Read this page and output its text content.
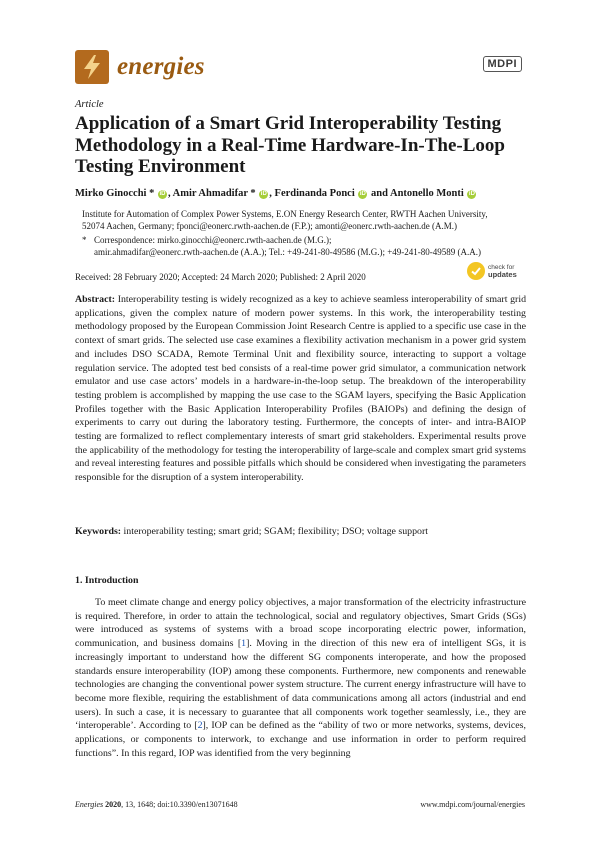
energies	MDPI
Article
Application of a Smart Grid Interoperability Testing Methodology in a Real-Time Hardware-In-The-Loop Testing Environment
Mirko Ginocchi * iD , Amir Ahmadifar * iD , Ferdinanda Ponci iD and Antonello Monti iD

Institute for Automation of Complex Power Systems, E.ON Energy Research Center, RWTH Aachen University,

52074 Aachen, Germany; fponci@eonerc.rwth-aachen.de (F.P.); amonti@eonerc.rwth-aachen.de (A.M.)

* Correspondence: mirko.ginocchi@eonerc.rwth-aachen.de (M.G.);
amir.ahmadifar@eonerc.rwth-aachen.de (A.A.); Tel.: +49-241-80-49586 (M.G.); +49-241-80-49589 (A.A.)
Received: 28 February 2020; Accepted: 24 March 2020; Published: 2 April 2020
check for
updates

Abstract: Interoperability testing is widely recognized as a key to achieve seamless interoperability of smart grid applications, given the complex nature of modern power systems. In this work, the interoperability testing methodology proposed by the European Commission Joint Research Centre is applied to a specific use case in the context of smart grids. The selected use case examines a flexibility activation mechanism in a power grid system and includes DSO SCADA, Remote Terminal Unit and flexibility source, interacting to support a voltage regulation service. The adopted test bed consists of a real-time power grid simulator, a communication network emulator and use case actors’ models in a hardware-in-the-loop setup. The breakdown of the interoperability testing problem is accomplished by mapping the use case to the SGAM layers, specifying the Basic Application Profiles together with the Basic Application Interoperability Profiles (BAIOPs) and defining the design of experiments to carry out during the laboratory testing. Furthermore, the concepts of inter- and intra-BAIOP testing are formalized to reflect complementary interests of smart grid stakeholders. Experimental results prove the applicability of the methodology for testing the interoperability of large-scale and complex smart grid systems and reveal interesting features and possible pitfalls which should be considered when investigating the parameters responsible for the disruption of a system interoperability.

Keywords: interoperability testing; smart grid; SGAM; flexibility; DSO; voltage support
1. Introduction

To meet climate change and energy policy objectives, a major transformation of the electricity infrastructure is required. Therefore, in order to attain the technological, social and regulatory objectives, Smart Grids (SGs) were introduced as systems of systems with a broad scope incorporating electric power, information, communication, and business domains [1]. Moving in the direction of this new era of intelligent SGs, it is increasingly important to understand how the different SG components interoperate, and how the proposed standards ensure interoperability (IOP) among these components. Furthermore, new components and renewable technologies are changing the conventional power system structure. The current energy infrastructure will have to become more flexible, requiring the establishment of data communications among all actors (industrial and end users). In such a case, it is necessary to guarantee that all components work together seamlessly, i.e., they are ‘interoperable’. According to [2], IOP can be defined as the “ability of two or more networks, systems, devices, applications, or components to interwork, to exchange and use information in order to perform required functions”. In this regard, IOP was identified from the very beginning

Energies 2020, 13, 1648; doi:10.3390/en13071648	www.mdpi.com/journal/energies
